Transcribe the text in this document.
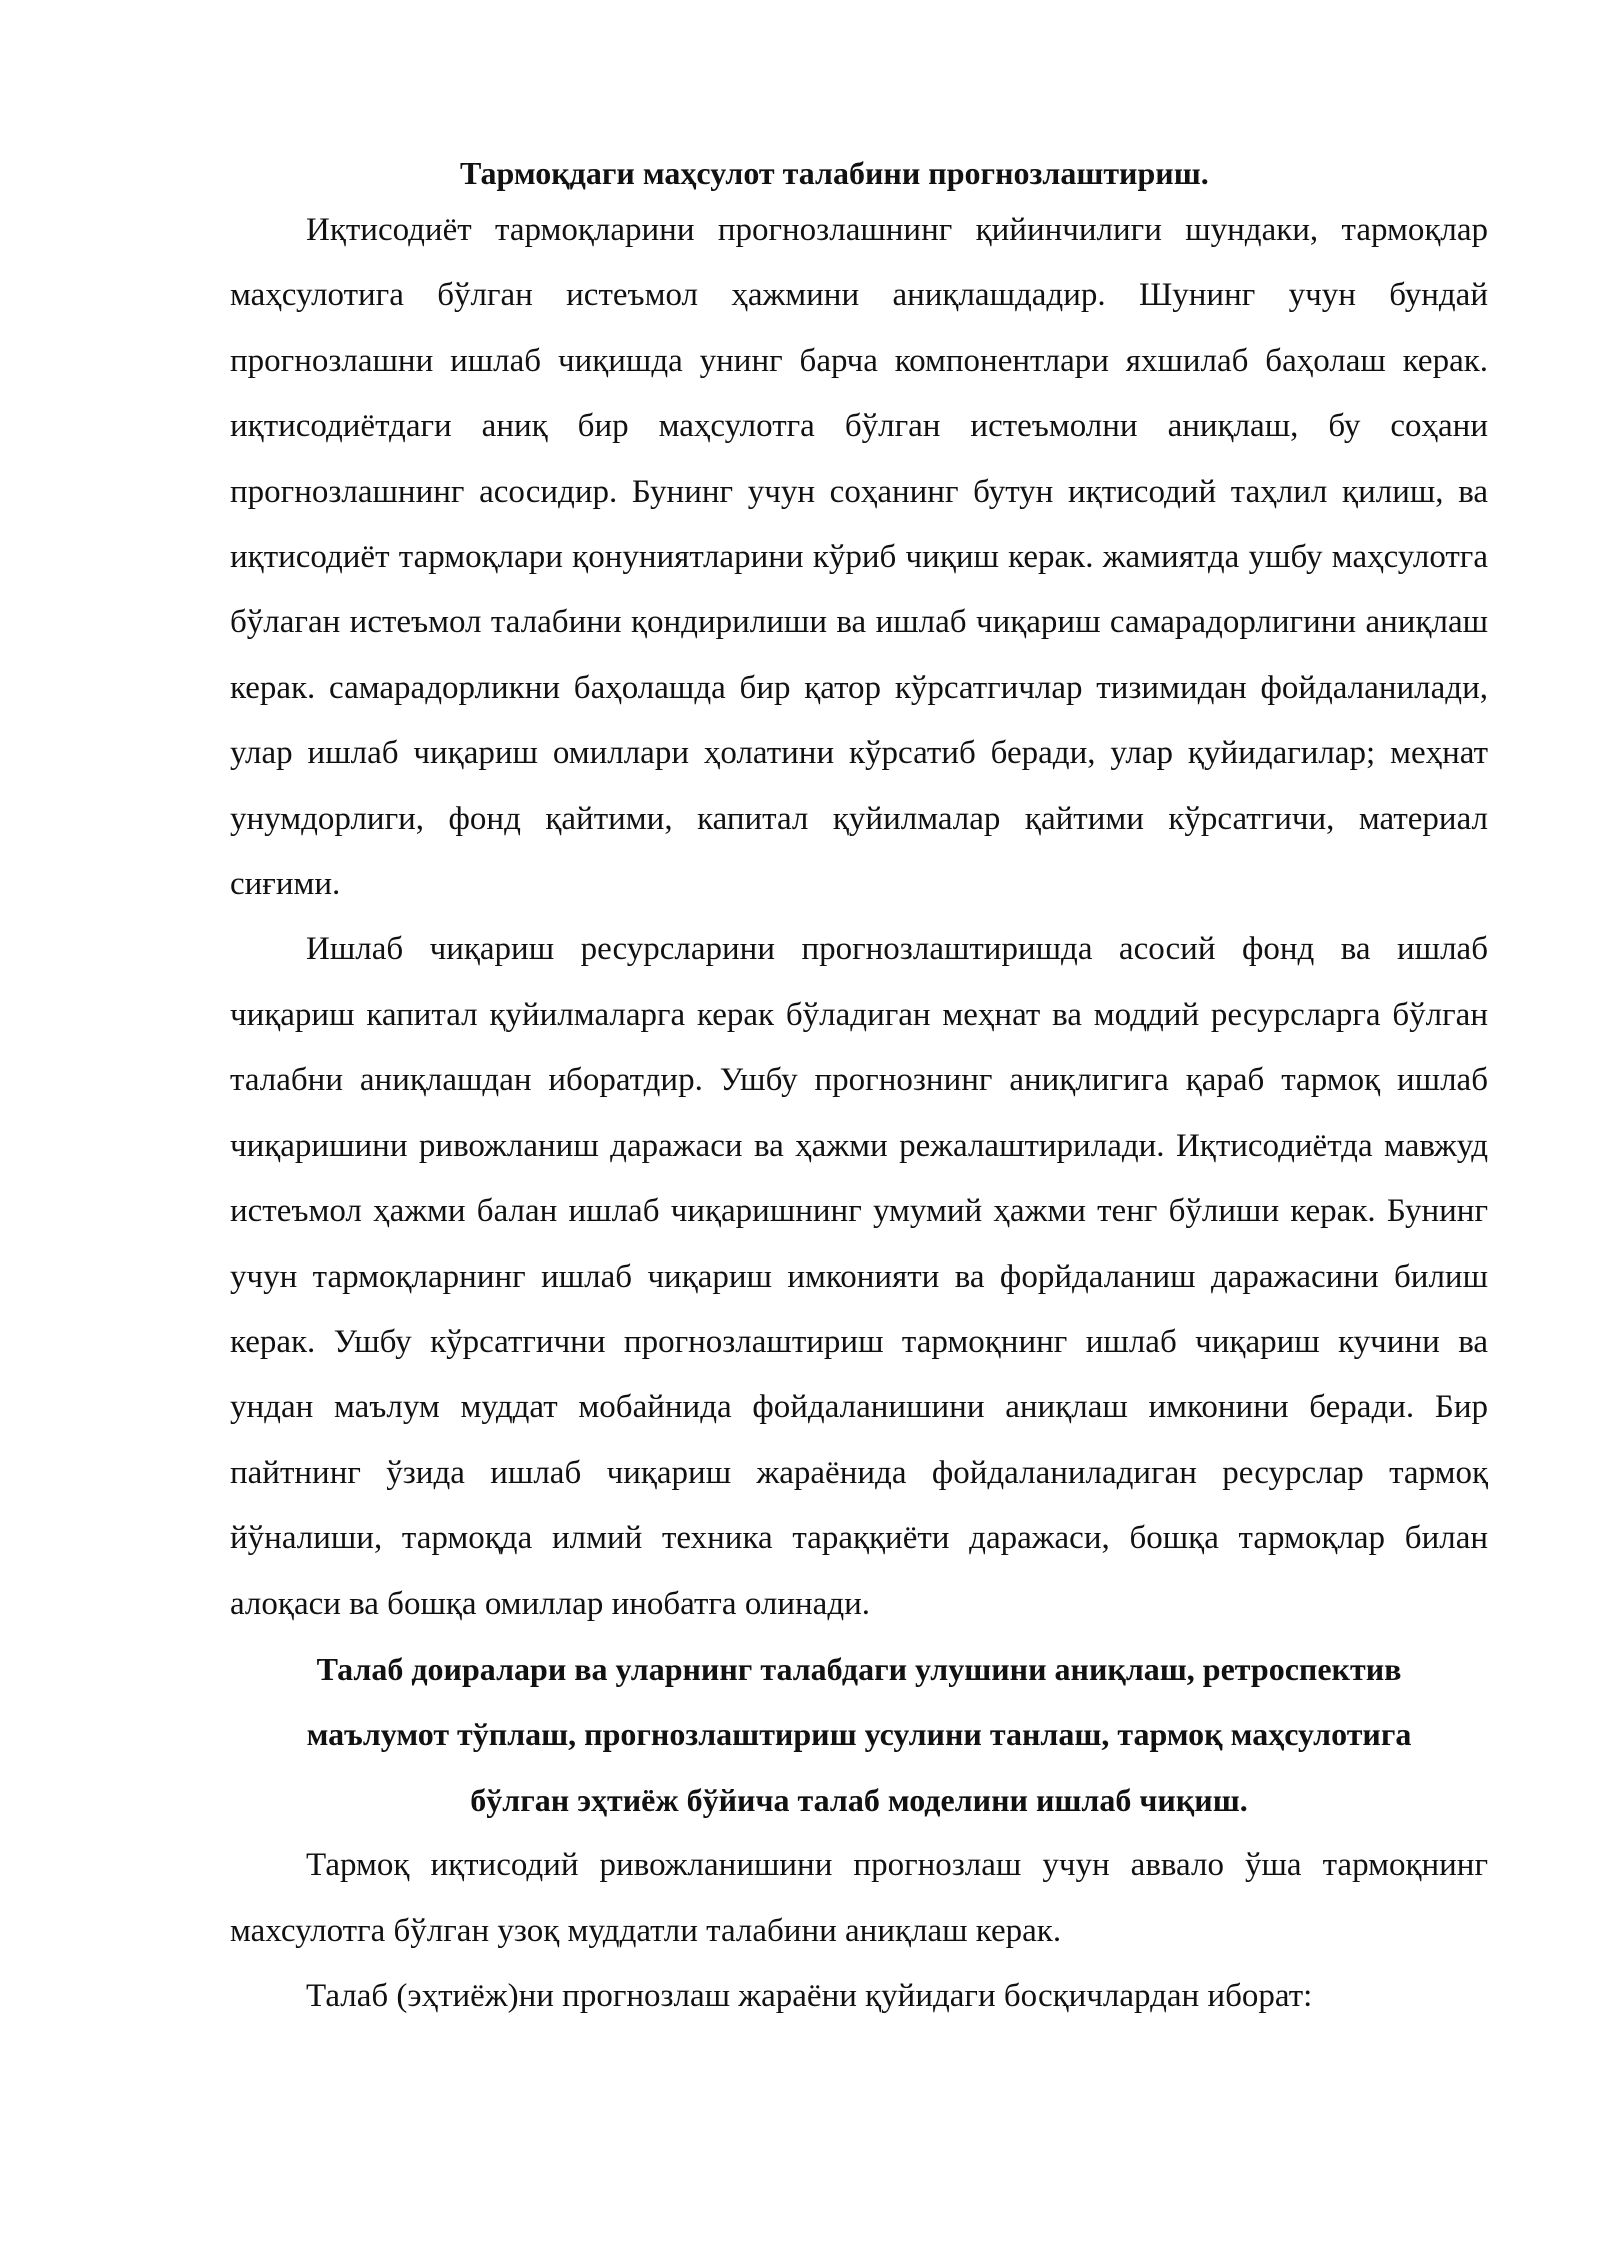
Тармоқдаги маҳсулот талабини прогнозлаштириш.

Иқтисодиёт тармоқларини прогнозлашнинг қийинчилиги шундаки, тармоқлар маҳсулотига бўлган истеъмол ҳажмини аниқлашдадир. Шунинг учун бундай прогнозлашни ишлаб чиқишда унинг барча компонентлари яхшилаб баҳолаш керак. иқтисодиётдаги аниқ бир маҳсулотга бўлган истеъмолни аниқлаш, бу соҳани прогнозлашнинг асосидир. Бунинг учун соҳанинг бутун иқтисодий таҳлил қилиш, ва иқтисодиёт тармоқлари қонуниятларини кўриб чиқиш керак. жамиятда ушбу маҳсулотга бўлаган истеъмол талабини қондирилиши ва ишлаб чиқариш самарадорлигини аниқлаш керак. самарадорликни баҳолашда бир қатор кўрсатгичлар тизимидан фойдаланилади, улар ишлаб чиқариш омиллари ҳолатини кўрсатиб беради, улар қуйидагилар; меҳнат унумдорлиги, фонд қайтими, капитал қуйилмалар қайтими кўрсатгичи, материал сиғими.

Ишлаб чиқариш ресурсларини прогнозлаштиришда асосий фонд ва ишлаб чиқариш капитал қуйилмаларга керак бўладиган меҳнат ва моддий ресурсларга бўлган талабни аниқлашдан иборатдир. Ушбу прогнознинг аниқлигига қараб тармоқ ишлаб чиқаришини ривожланиш даражаси ва ҳажми режалаштирилади. Иқтисодиётда мавжуд истеъмол ҳажми балан ишлаб чиқаришнинг умумий ҳажми тенг бўлиши керак. Бунинг учун тармоқларнинг ишлаб чиқариш имконияти ва форйдаланиш даражасини билиш керак. Ушбу кўрсатгични прогнозлаштириш тармоқнинг ишлаб чиқариш кучини ва ундан маълум муддат мобайнида фойдаланишини аниқлаш имконини беради. Бир пайтнинг ўзида ишлаб чиқариш жараёнида фойдаланиладиган ресурслар тармоқ йўналиши, тармоқда илмий техника тараққиёти даражаси, бошқа тармоқлар билан алоқаси ва бошқа омиллар инобатга олинади.

Талаб доиралари ва уларнинг талабдаги улушини аниқлаш, ретроспектив
маълумот тўплаш, прогнозлаштириш усулини танлаш, тармоқ маҳсулотига
бўлган эҳтиёж бўйича талаб моделини ишлаб чиқиш.

Тармоқ иқтисодий ривожланишини прогнозлаш учун аввало ўша тармоқнинг махсулотга бўлган узоқ муддатли талабини аниқлаш керак.

Талаб (эҳтиёж)ни прогнозлаш жараёни қуйидаги босқичлардан иборат:
